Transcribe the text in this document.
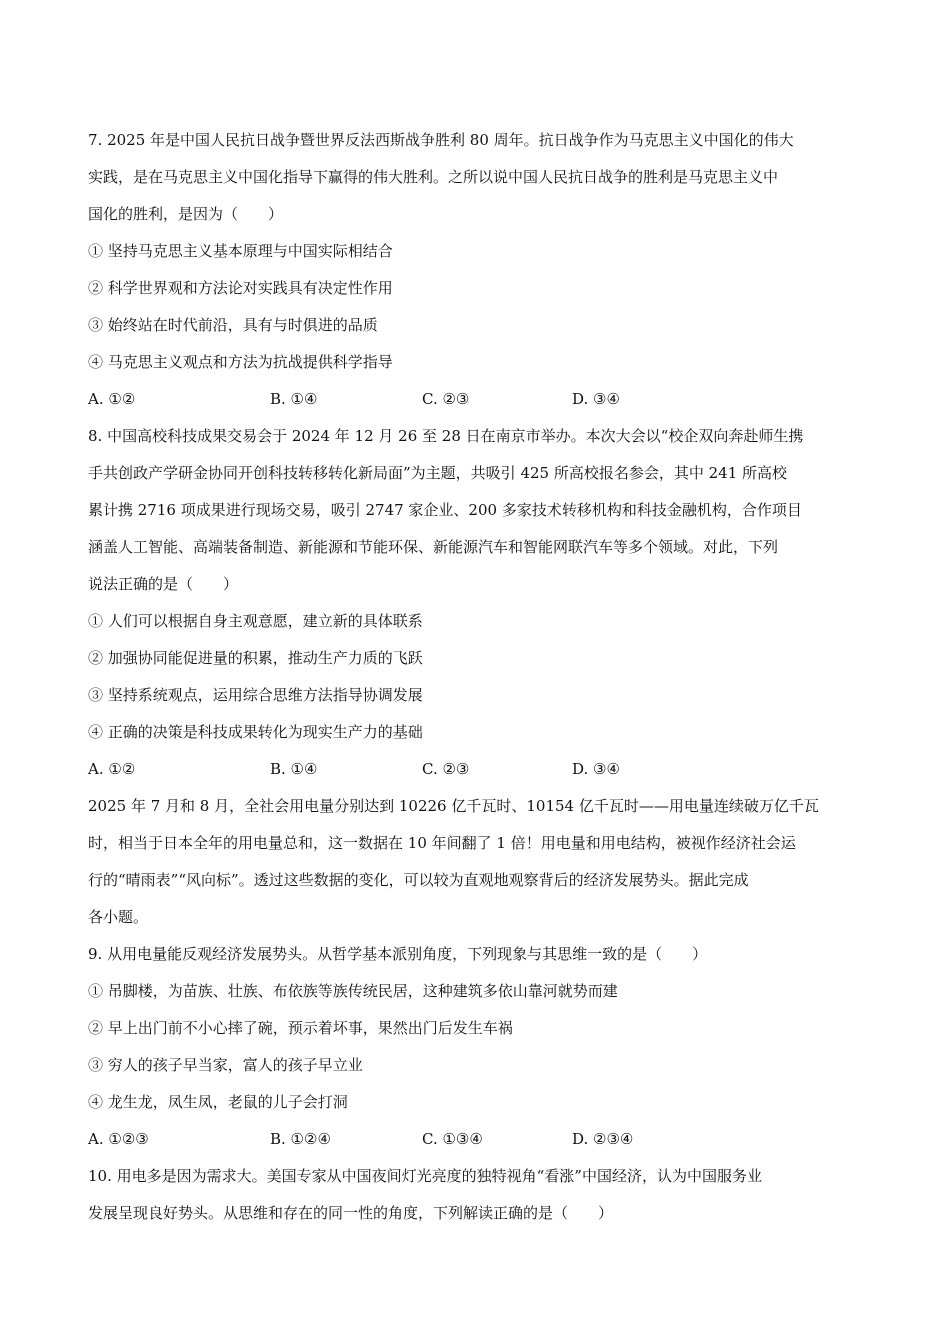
7. 2025 年是中国人民抗日战争暨世界反法西斯战争胜利 80 周年。抗日战争作为马克思主义中国化的伟大
实践，是在马克思主义中国化指导下赢得的伟大胜利。之所以说中国人民抗日战争的胜利是马克思主义中
国化的胜利，是因为（　　）
① 坚持马克思主义基本原理与中国实际相结合
② 科学世界观和方法论对实践具有决定性作用
③ 始终站在时代前沿，具有与时俱进的品质
④ 马克思主义观点和方法为抗战提供科学指导
A. ①②	B. ①④	C. ②③	D. ③④
8. 中国高校科技成果交易会于 2024 年 12 月 26 至 28 日在南京市举办。本次大会以“校企双向奔赴师生携
手共创政产学研金协同开创科技转移转化新局面”为主题，共吸引 425 所高校报名参会，其中 241 所高校
累计携 2716 项成果进行现场交易，吸引 2747 家企业、200 多家技术转移机构和科技金融机构，合作项目
涵盖人工智能、高端装备制造、新能源和节能环保、新能源汽车和智能网联汽车等多个领域。对此，下列
说法正确的是（　　）
① 人们可以根据自身主观意愿，建立新的具体联系
② 加强协同能促进量的积累，推动生产力质的飞跃
③ 坚持系统观点，运用综合思维方法指导协调发展
④ 正确的决策是科技成果转化为现实生产力的基础
A. ①②	B. ①④	C. ②③	D. ③④
2025 年 7 月和 8 月，全社会用电量分别达到 10226 亿千瓦时、10154 亿千瓦时——用电量连续破万亿千瓦
时，相当于日本全年的用电量总和，这一数据在 10 年间翻了 1 倍！用电量和用电结构，被视作经济社会运
行的“晴雨表”“风向标”。透过这些数据的变化，可以较为直观地观察背后的经济发展势头。据此完成
各小题。
9. 从用电量能反观经济发展势头。从哲学基本派别角度，下列现象与其思维一致的是（　　）
① 吊脚楼，为苗族、壮族、布依族等族传统民居，这种建筑多依山靠河就势而建
② 早上出门前不小心摔了碗，预示着坏事，果然出门后发生车祸
③ 穷人的孩子早当家，富人的孩子早立业
④ 龙生龙，凤生凤，老鼠的儿子会打洞
A. ①②③	B. ①②④	C. ①③④	D. ②③④
10. 用电多是因为需求大。美国专家从中国夜间灯光亮度的独特视角“看涨”中国经济，认为中国服务业
发展呈现良好势头。从思维和存在的同一性的角度，下列解读正确的是（　　）
